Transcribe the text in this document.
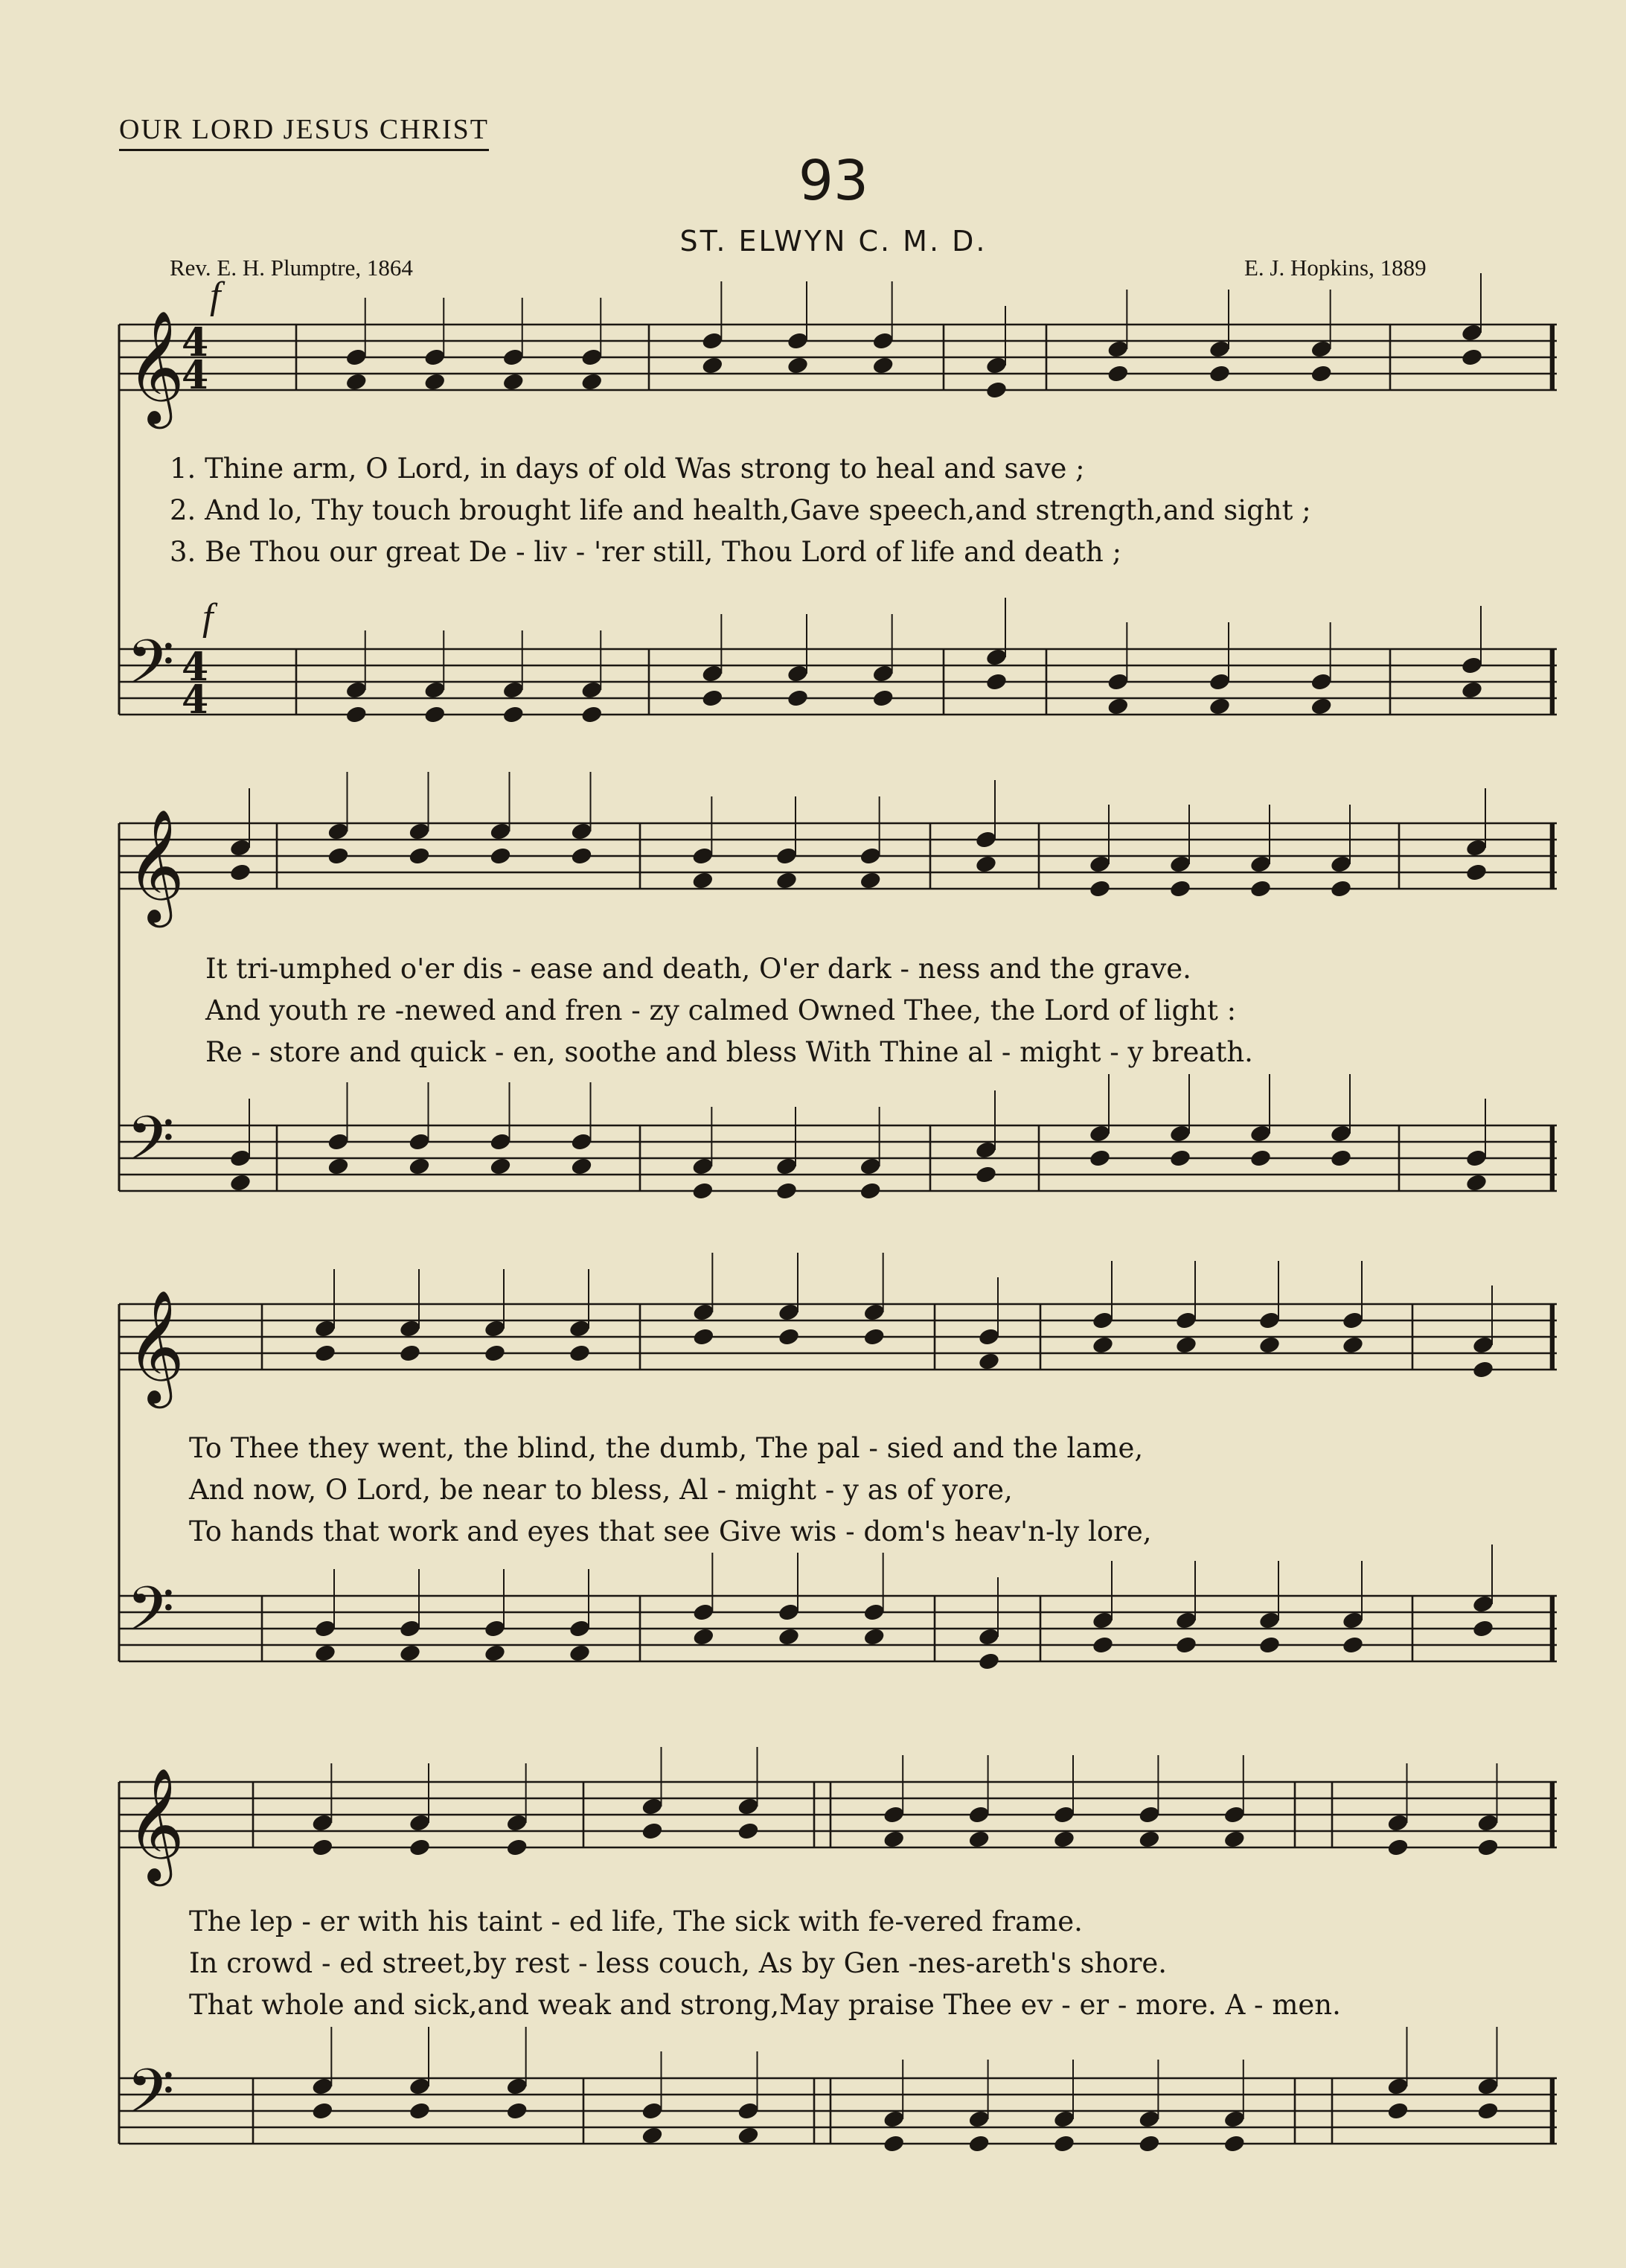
OUR LORD JESUS CHRIST
93
ST. ELWYN C. M. D.
Rev. E. H. Plumptre, 1864	E. J. Hopkins, 1889
𝄞
4
4
𝄢 4
4
𝄞
𝄢
𝄞
𝄢
𝄞
𝄢
1. Thine arm, O Lord, in days of old Was strong to heal and save ;
2. And lo, Thy touch brought life and health,Gave speech,and strength,and sight ;
3. Be Thou our great De - liv - 'rer still, Thou Lord of life and death ;
It tri-umphed o'er dis - ease and death, O'er dark - ness and the grave.
And youth re -newed and fren - zy calmed Owned Thee, the Lord of light :
Re - store and quick - en, soothe and bless With Thine al - might - y breath.
To Thee they went, the blind, the dumb, The pal - sied and the lame,
And now, O Lord, be near to bless, Al - might - y as of yore,
To hands that work and eyes that see Give wis - dom's heav'n-ly lore,
The lep - er with his taint - ed life, The sick with fe-vered frame.
In crowd - ed street,by rest - less couch, As by Gen -nes-areth's shore.
That whole and sick,and weak and strong,May praise Thee ev - er - more. A - men.
f
f
